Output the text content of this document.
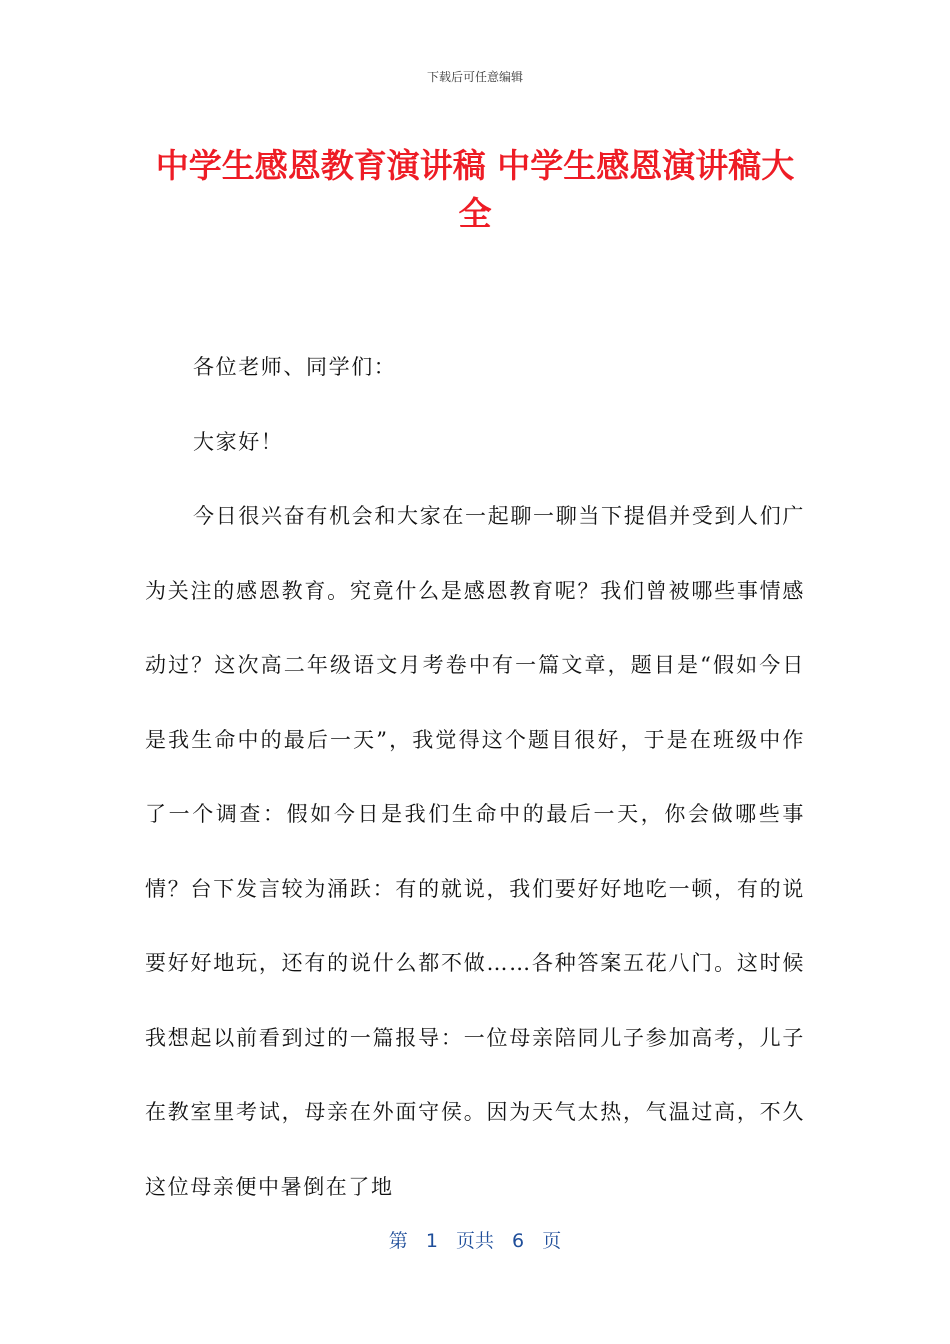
下载后可任意编辑
中学生感恩教育演讲稿 中学生感恩演讲稿大全

各位老师、同学们：

大家好！

今日很兴奋有机会和大家在一起聊一聊当下提倡并受到人们广为关注的感恩教育。究竟什么是感恩教育呢？我们曾被哪些事情感动过？这次高二年级语文月考卷中有一篇文章，题目是“假如今日是我生命中的最后一天”，我觉得这个题目很好，于是在班级中作了一个调查：假如今日是我们生命中的最后一天，你会做哪些事情？台下发言较为涌跃：有的就说，我们要好好地吃一顿，有的说要好好地玩，还有的说什么都不做……各种答案五花八门。这时候我想起以前看到过的一篇报导：一位母亲陪同儿子参加高考，儿子在教室里考试，母亲在外面守侯。因为天气太热，气温过高，不久这位母亲便中暑倒在了地

第 1 页共 6 页
